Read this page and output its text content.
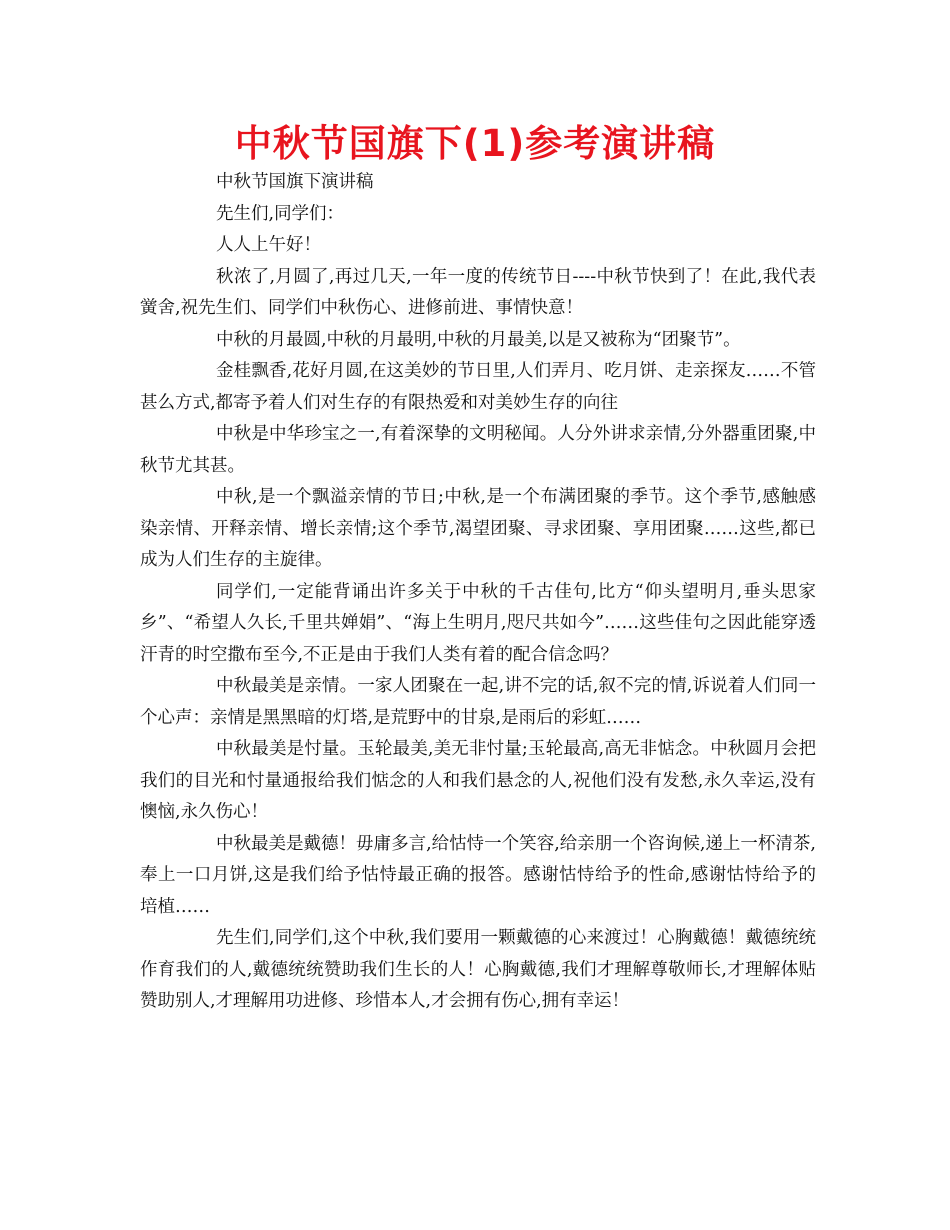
中秋节国旗下(1)参考演讲稿

中秋节国旗下演讲稿

先生们,同学们：

人人上午好！

秋浓了,月圆了,再过几天,一年一度的传统节日----中秋节快到了！在此,我代表黉舍,祝先生们、同学们中秋伤心、进修前进、事情快意！

中秋的月最圆,中秋的月最明,中秋的月最美,以是又被称为“团聚节”。

金桂飘香,花好月圆,在这美妙的节日里,人们弄月、吃月饼、走亲探友……不管甚么方式,都寄予着人们对生存的有限热爱和对美妙生存的向往

中秋是中华珍宝之一,有着深挚的文明秘闻。人分外讲求亲情,分外器重团聚,中秋节尤其甚。

中秋,是一个飘溢亲情的节日;中秋,是一个布满团聚的季节。这个季节,感触感染亲情、开释亲情、增长亲情;这个季节,渴望团聚、寻求团聚、享用团聚……这些,都已成为人们生存的主旋律。

同学们,一定能背诵出许多关于中秋的千古佳句,比方“仰头望明月,垂头思家乡”、“希望人久长,千里共婵娟”、“海上生明月,咫尺共如今”……这些佳句之因此能穿透汗青的时空撒布至今,不正是由于我们人类有着的配合信念吗？

中秋最美是亲情。一家人团聚在一起,讲不完的话,叙不完的情,诉说着人们同一个心声：亲情是黑黑暗的灯塔,是荒野中的甘泉,是雨后的彩虹……

中秋最美是忖量。玉轮最美,美无非忖量;玉轮最高,高无非惦念。中秋圆月会把我们的目光和忖量通报给我们惦念的人和我们悬念的人,祝他们没有发愁,永久幸运,没有懊恼,永久伤心！

中秋最美是戴德！毋庸多言,给怙恃一个笑容,给亲朋一个咨询候,递上一杯清茶,奉上一口月饼,这是我们给予怙恃最正确的报答。感谢怙恃给予的性命,感谢怙恃给予的培植……

先生们,同学们,这个中秋,我们要用一颗戴德的心来渡过！心胸戴德！戴德统统作育我们的人,戴德统统赞助我们生长的人！心胸戴德,我们才理解尊敬师长,才理解体贴赞助别人,才理解用功进修、珍惜本人,才会拥有伤心,拥有幸运！
